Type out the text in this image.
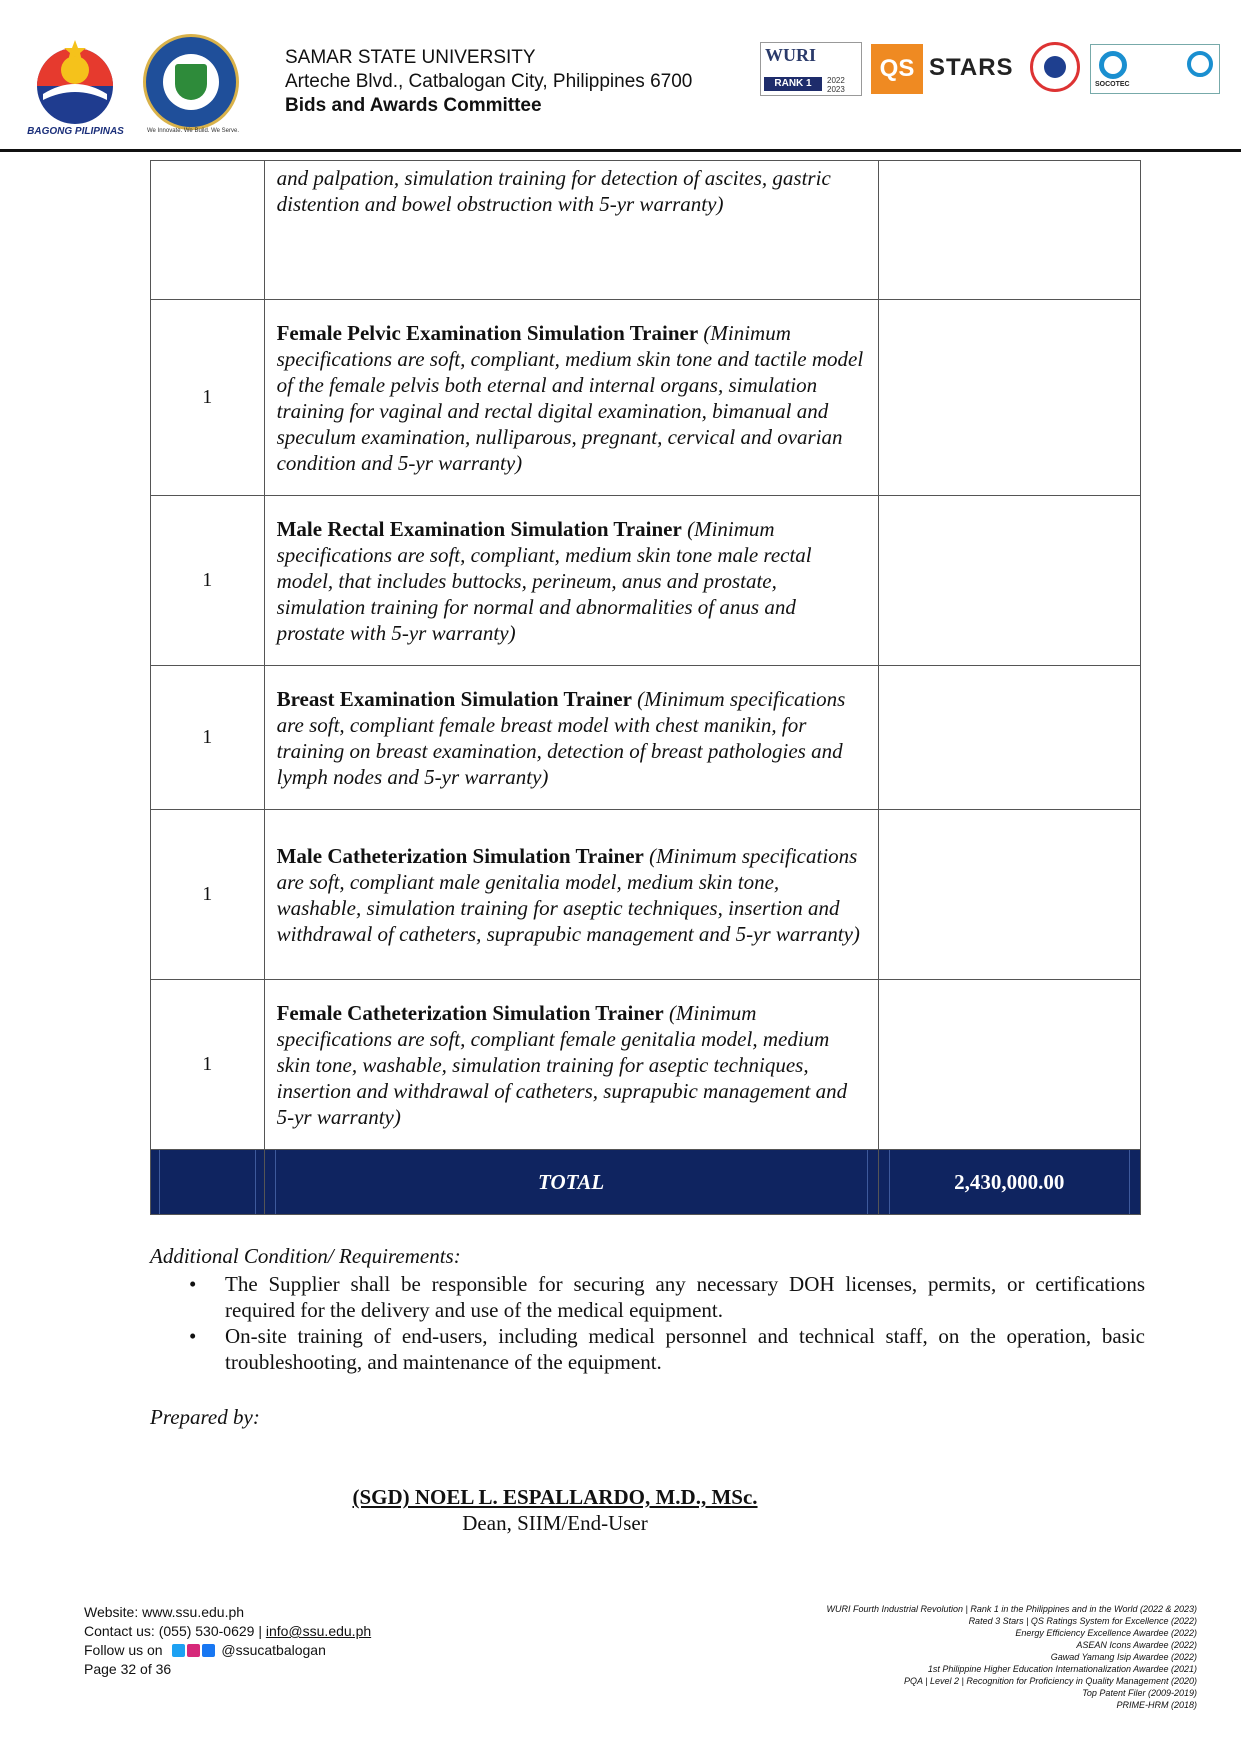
BAGONG PILIPINAS	We Innovate. We Build. We Serve.
SAMAR STATE UNIVERSITY
Arteche Blvd., Catbalogan City, Philippines 6700
Bids and Awards Committee
WURI
RANK 1	2022
2023
QS STARS
SOCOTEC
	and palpation, simulation training for detection of ascites, gastric distention and bowel obstruction with 5-yr warranty)	
1	Female Pelvic Examination Simulation Trainer (Minimum specifications are soft, compliant, medium skin tone and tactile model of the female pelvis both eternal and internal organs, simulation training for vaginal and rectal digital examination, bimanual and speculum examination, nulliparous, pregnant, cervical and ovarian condition and 5-yr warranty)	
1	Male Rectal Examination Simulation Trainer (Minimum specifications are soft, compliant, medium skin tone male rectal model, that includes buttocks, perineum, anus and prostate, simulation training for normal and abnormalities of anus and prostate with 5-yr warranty)	
1	Breast Examination Simulation Trainer (Minimum specifications are soft, compliant female breast model with chest manikin, for training on breast examination, detection of breast pathologies and lymph nodes and 5-yr warranty)	
1	Male Catheterization Simulation Trainer (Minimum specifications are soft, compliant male genitalia model, medium skin tone, washable, simulation training for aseptic techniques, insertion and withdrawal of catheters, suprapubic management and 5-yr warranty)	
1	Female Catheterization Simulation Trainer (Minimum specifications are soft, compliant female genitalia model, medium skin tone, washable, simulation training for aseptic techniques, insertion and withdrawal of catheters, suprapubic management and 5-yr warranty)	

	TOTAL	2,430,000.00
Additional Condition/ Requirements:
• The Supplier shall be responsible for securing any necessary DOH licenses, permits, or certifications required for the delivery and use of the medical equipment.
• On-site training of end-users, including medical personnel and technical staff, on the operation, basic troubleshooting, and maintenance of the equipment.
Prepared by:
(SGD) NOEL L. ESPALLARDO, M.D., MSc.
Dean, SIIM/End-User
Website: www.ssu.edu.ph
Contact us: (055) 530-0629 | info@ssu.edu.ph
Follow us on	@ssucatbalogan
Page 32 of 36
WURI Fourth Industrial Revolution | Rank 1 in the Philippines and in the World (2022 & 2023)
Rated 3 Stars | QS Ratings System for Excellence (2022)
Energy Efficiency Excellence Awardee (2022)
ASEAN Icons Awardee (2022)
Gawad Yamang Isip Awardee (2022)
1st Philippine Higher Education Internationalization Awardee (2021)
PQA | Level 2 | Recognition for Proficiency in Quality Management (2020)
Top Patent Filer (2009-2019)
PRIME-HRM (2018)
